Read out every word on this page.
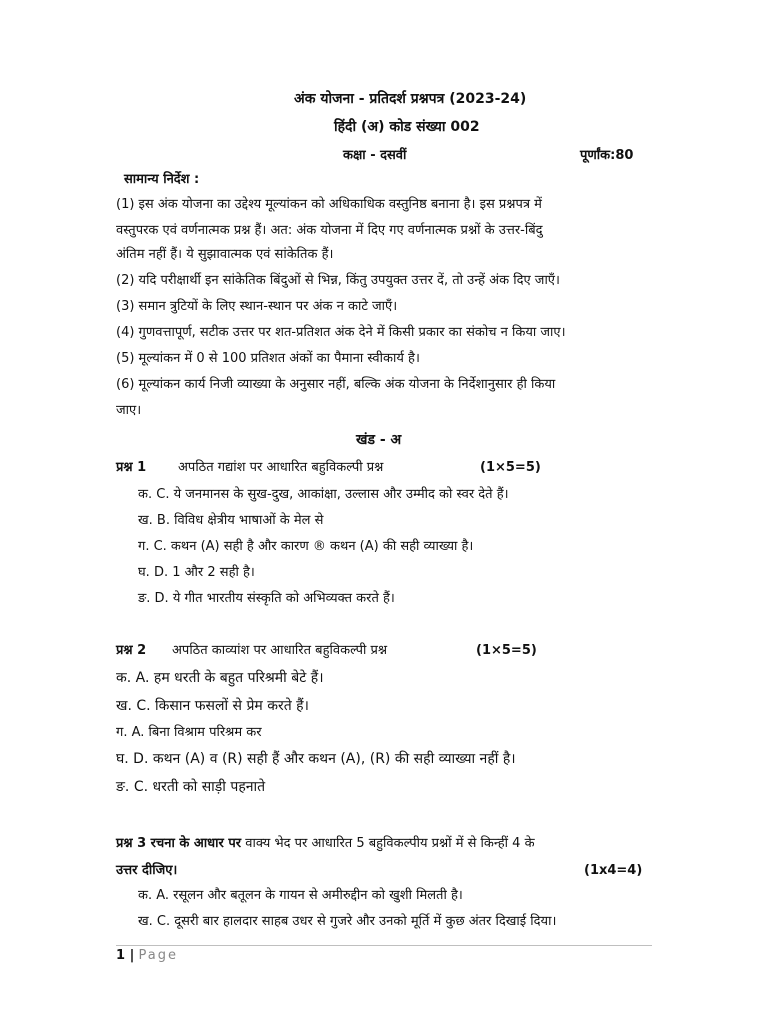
अंक योजना - प्रतिदर्श प्रश्नपत्र (2023-24)
हिंदी (अ) कोड संख्या 002
कक्षा - दसवीं	पूर्णांक:80
सामान्य निर्देश :
(1) इस अंक योजना का उद्देश्य मूल्यांकन को अधिकाधिक वस्तुनिष्ठ बनाना है। इस प्रश्नपत्र में
वस्तुपरक एवं वर्णनात्मक प्रश्न हैं। अत: अंक योजना में दिए गए वर्णनात्मक प्रश्नों के उत्तर-बिंदु
अंतिम नहीं हैं। ये सुझावात्मक एवं सांकेतिक हैं।
(2) यदि परीक्षार्थी इन सांकेतिक बिंदुओं से भिन्न, किंतु उपयुक्त उत्तर दें, तो उन्हें अंक दिए जाएँ।
(3) समान त्रुटियों के लिए स्थान-स्थान पर अंक न काटे जाएँ।
(4) गुणवत्तापूर्ण, सटीक उत्तर पर शत-प्रतिशत अंक देने में किसी प्रकार का संकोच न किया जाए।
(5) मूल्यांकन में 0 से 100 प्रतिशत अंकों का पैमाना स्वीकार्य है।
(6) मूल्यांकन कार्य निजी व्याख्या के अनुसार नहीं, बल्कि अंक योजना के निर्देशानुसार ही किया
जाए।
खंड - अ
प्रश्न 1 अपठित गद्यांश पर आधारित बहुविकल्पी प्रश्न	(1×5=5)
क. C. ये जनमानस के सुख-दुख, आकांक्षा, उल्लास और उम्मीद को स्वर देते हैं।
ख. B. विविध क्षेत्रीय भाषाओं के मेल से
ग. C. कथन (A) सही है और कारण ® कथन (A) की सही व्याख्या है।
घ. D. 1 और 2 सही है।
ङ. D. ये गीत भारतीय संस्कृति को अभिव्यक्त करते हैं।
प्रश्न 2 अपठित काव्यांश पर आधारित बहुविकल्पी प्रश्न	(1×5=5)
क. A. हम धरती के बहुत परिश्रमी बेटे हैं।
ख. C. किसान फसलों से प्रेम करते हैं।
ग. A. बिना विश्राम परिश्रम कर
घ. D. कथन (A) व (R) सही हैं और कथन (A), (R) की सही व्याख्या नहीं है।
ङ. C. धरती को साड़ी पहनाते
प्रश्न 3 रचना के आधार पर वाक्य भेद पर आधारित 5 बहुविकल्पीय प्रश्नों में से किन्हीं 4 के
उत्तर दीजिए।	(1x4=4)
क. A. रसूलन और बतूलन के गायन से अमीरुद्दीन को खुशी मिलती है।
ख. C. दूसरी बार हालदार साहब उधर से गुजरे और उनको मूर्ति में कुछ अंतर दिखाई दिया।
1 | Page
